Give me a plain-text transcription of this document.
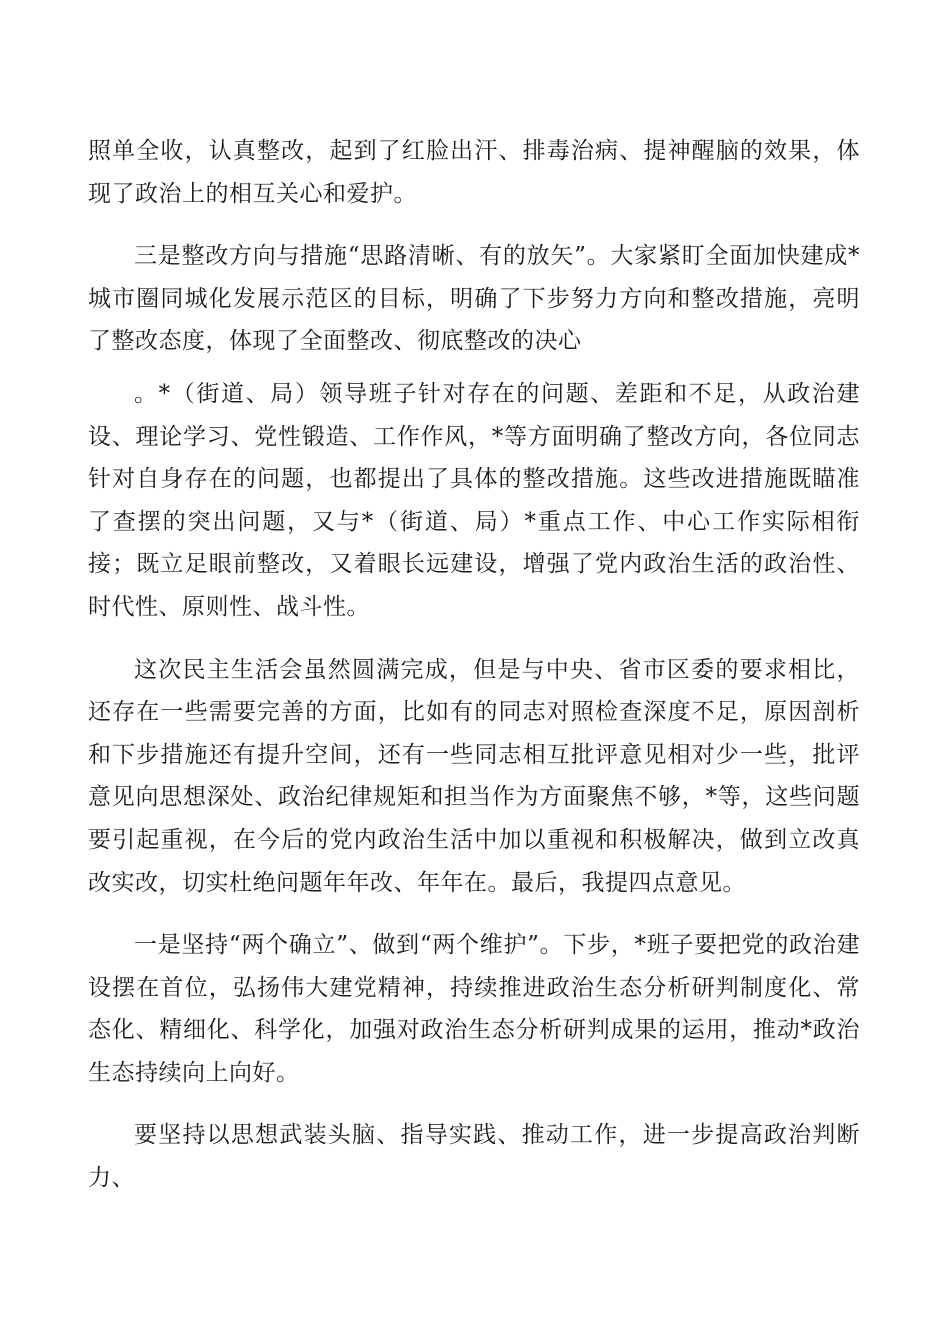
照单全收，认真整改，起到了红脸出汗、排毒治病、提神醒脑的效果，体现了政治上的相互关心和爱护。

三是整改方向与措施“思路清晰、有的放矢”。大家紧盯全面加快建成*城市圈同城化发展示范区的目标，明确了下步努力方向和整改措施，亮明了整改态度，体现了全面整改、彻底整改的决心

。*（街道、局）领导班子针对存在的问题、差距和不足，从政治建设、理论学习、党性锻造、工作作风，*等方面明确了整改方向，各位同志针对自身存在的问题，也都提出了具体的整改措施。这些改进措施既瞄准了查摆的突出问题，又与*（街道、局）*重点工作、中心工作实际相衔接；既立足眼前整改，又着眼长远建设，增强了党内政治生活的政治性、时代性、原则性、战斗性。

这次民主生活会虽然圆满完成，但是与中央、省市区委的要求相比，还存在一些需要完善的方面，比如有的同志对照检查深度不足，原因剖析和下步措施还有提升空间，还有一些同志相互批评意见相对少一些，批评意见向思想深处、政治纪律规矩和担当作为方面聚焦不够，*等，这些问题要引起重视，在今后的党内政治生活中加以重视和积极解决，做到立改真改实改，切实杜绝问题年年改、年年在。最后，我提四点意见。

一是坚持“两个确立”、做到“两个维护”。下步，*班子要把党的政治建设摆在首位，弘扬伟大建党精神，持续推进政治生态分析研判制度化、常态化、精细化、科学化，加强对政治生态分析研判成果的运用，推动*政治生态持续向上向好。

要坚持以思想武装头脑、指导实践、推动工作，进一步提高政治判断力、
